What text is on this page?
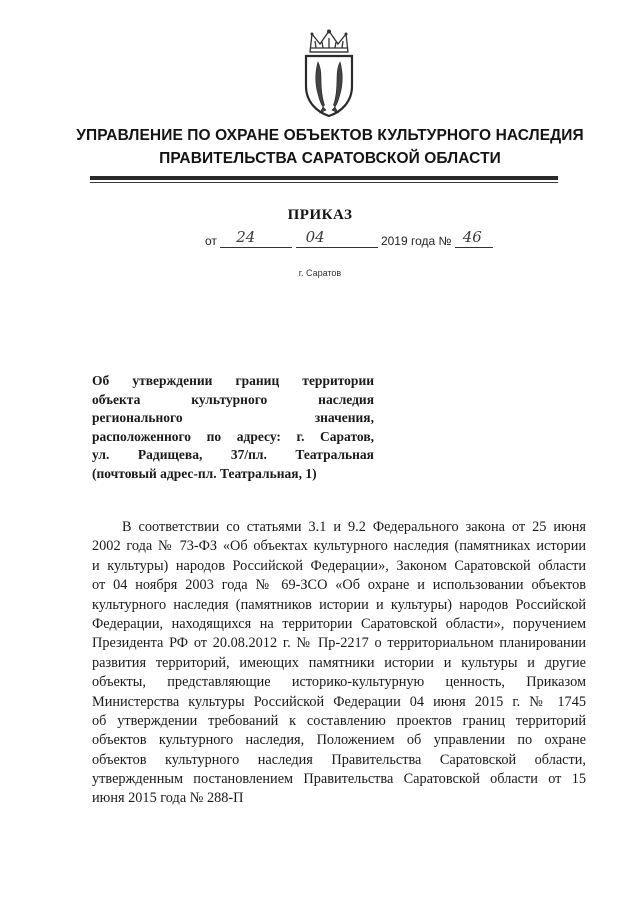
УПРАВЛЕНИЕ ПО ОХРАНЕ ОБЪЕКТОВ КУЛЬТУРНОГО НАСЛЕДИЯ
ПРАВИТЕЛЬСТВА САРАТОВСКОЙ ОБЛАСТИ
ПРИКАЗ
от 24
	04	2019 года № 46
г. Саратов
Об утверждении границ территории
объекта культурного наследия
регионального значения,
расположенного по адресу: г. Саратов,
ул. Радищева, 37/пл. Театральная
(почтовый адрес-пл. Театральная, 1)
В соответствии со статьями 3.1 и 9.2 Федерального закона от 25 июня
2002 года № 73-ФЗ «Об объектах культурного наследия (памятниках истории
и культуры) народов Российской Федерации», Законом Саратовской области
от 04 ноября 2003 года № 69-ЗСО «Об охране и использовании объектов
культурного наследия (памятников истории и культуры) народов Российской
Федерации, находящихся на территории Саратовской области», поручением
Президента РФ от 20.08.2012 г. № Пр-2217 о территориальном планировании
развития территорий, имеющих памятники истории и культуры и другие
объекты, представляющие историко-культурную ценность, Приказом
Министерства культуры Российской Федерации 04 июня 2015 г. № 1745
об утверждении требований к составлению проектов границ территорий
объектов культурного наследия, Положением об управлении по охране
объектов культурного наследия Правительства Саратовской области,
утвержденным постановлением Правительства Саратовской области от 15
июня 2015 года № 288-П
